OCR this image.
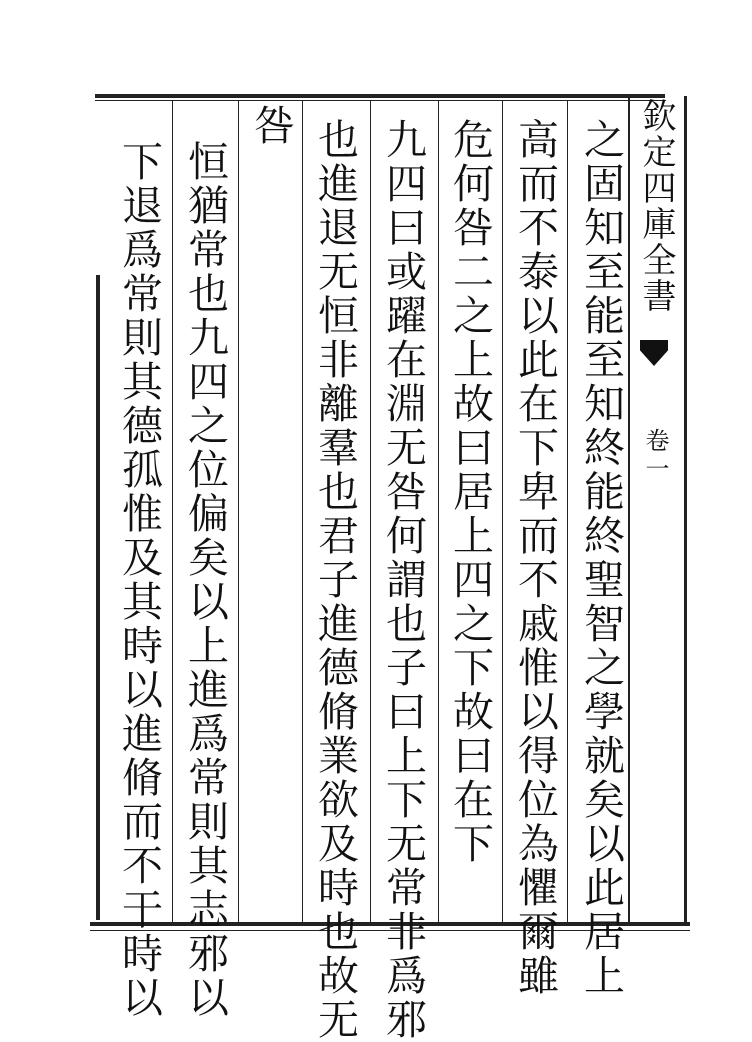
欽定四庫全書
卷一
之固知至能至知終能終聖智之學就矣以此居上
高而不泰以此在下卑而不戚惟以得位為懼爾雖
危何咎二之上故曰居上四之下故曰在下
九四曰或躍在淵无咎何謂也子曰上下无常非爲邪
也進退无恒非離羣也君子進德脩業欲及時也故无
咎
恒猶常也九四之位偏矣以上進爲常則其志邪以
下退爲常則其德孤惟及其時以進脩而不干時以
